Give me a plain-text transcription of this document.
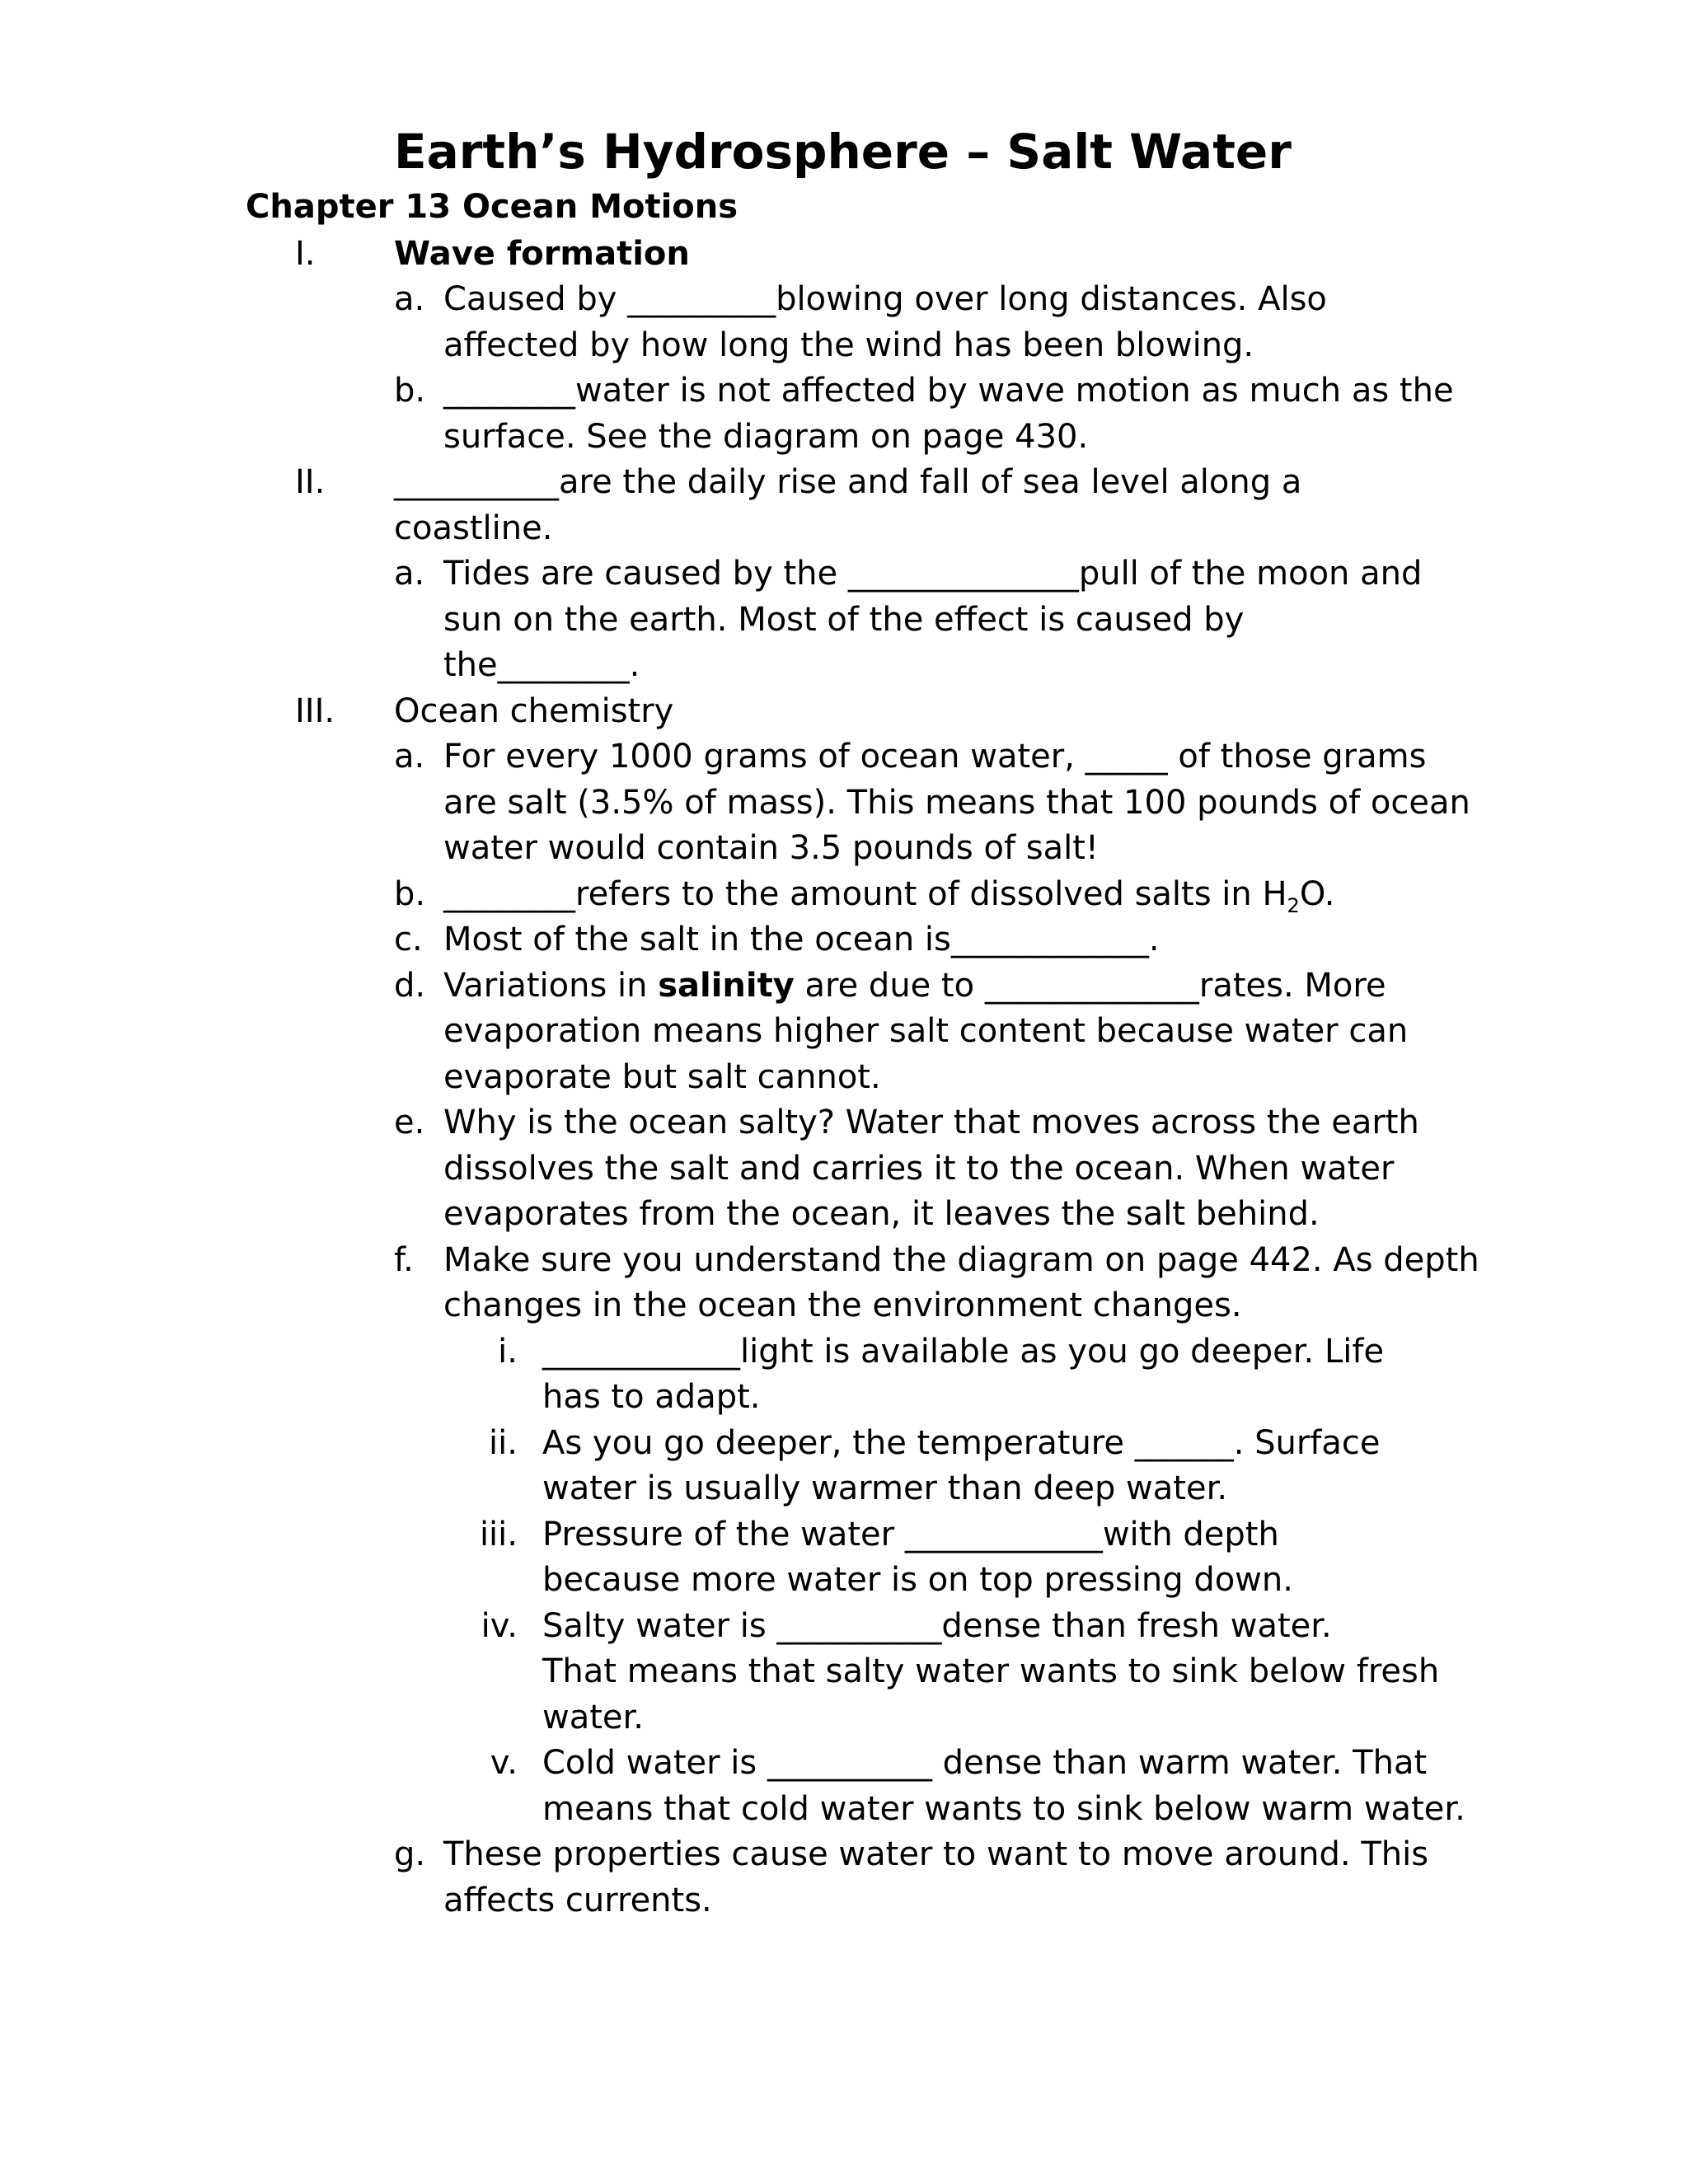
Earth’s Hydrosphere – Salt Water
Chapter 13 Ocean Motions
I. Wave formation
a. Caused by _________blowing over long distances. Also
affected by how long the wind has been blowing.
b. ________water is not affected by wave motion as much as the
surface. See the diagram on page 430.
II. __________are the daily rise and fall of sea level along a
coastline.
a. Tides are caused by the ______________pull of the moon and
sun on the earth. Most of the effect is caused by
the________.
III. Ocean chemistry
a. For every 1000 grams of ocean water, _____ of those grams
are salt (3.5% of mass). This means that 100 pounds of ocean
water would contain 3.5 pounds of salt!
b. ________refers to the amount of dissolved salts in $H_2O$.
c. Most of the salt in the ocean is____________.
d. Variations in salinity are due to _____________rates. More
evaporation means higher salt content because water can
evaporate but salt cannot.
e. Why is the ocean salty? Water that moves across the earth
dissolves the salt and carries it to the ocean. When water
evaporates from the ocean, it leaves the salt behind.
f. Make sure you understand the diagram on page 442. As depth
changes in the ocean the environment changes.
i. ____________light is available as you go deeper. Life
has to adapt.
ii. As you go deeper, the temperature ______. Surface
water is usually warmer than deep water.
iii. Pressure of the water ____________with depth
because more water is on top pressing down.
iv. Salty water is __________dense than fresh water.
That means that salty water wants to sink below fresh
water.
v. Cold water is __________ dense than warm water. That
means that cold water wants to sink below warm water.
g. These properties cause water to want to move around. This
affects currents.
